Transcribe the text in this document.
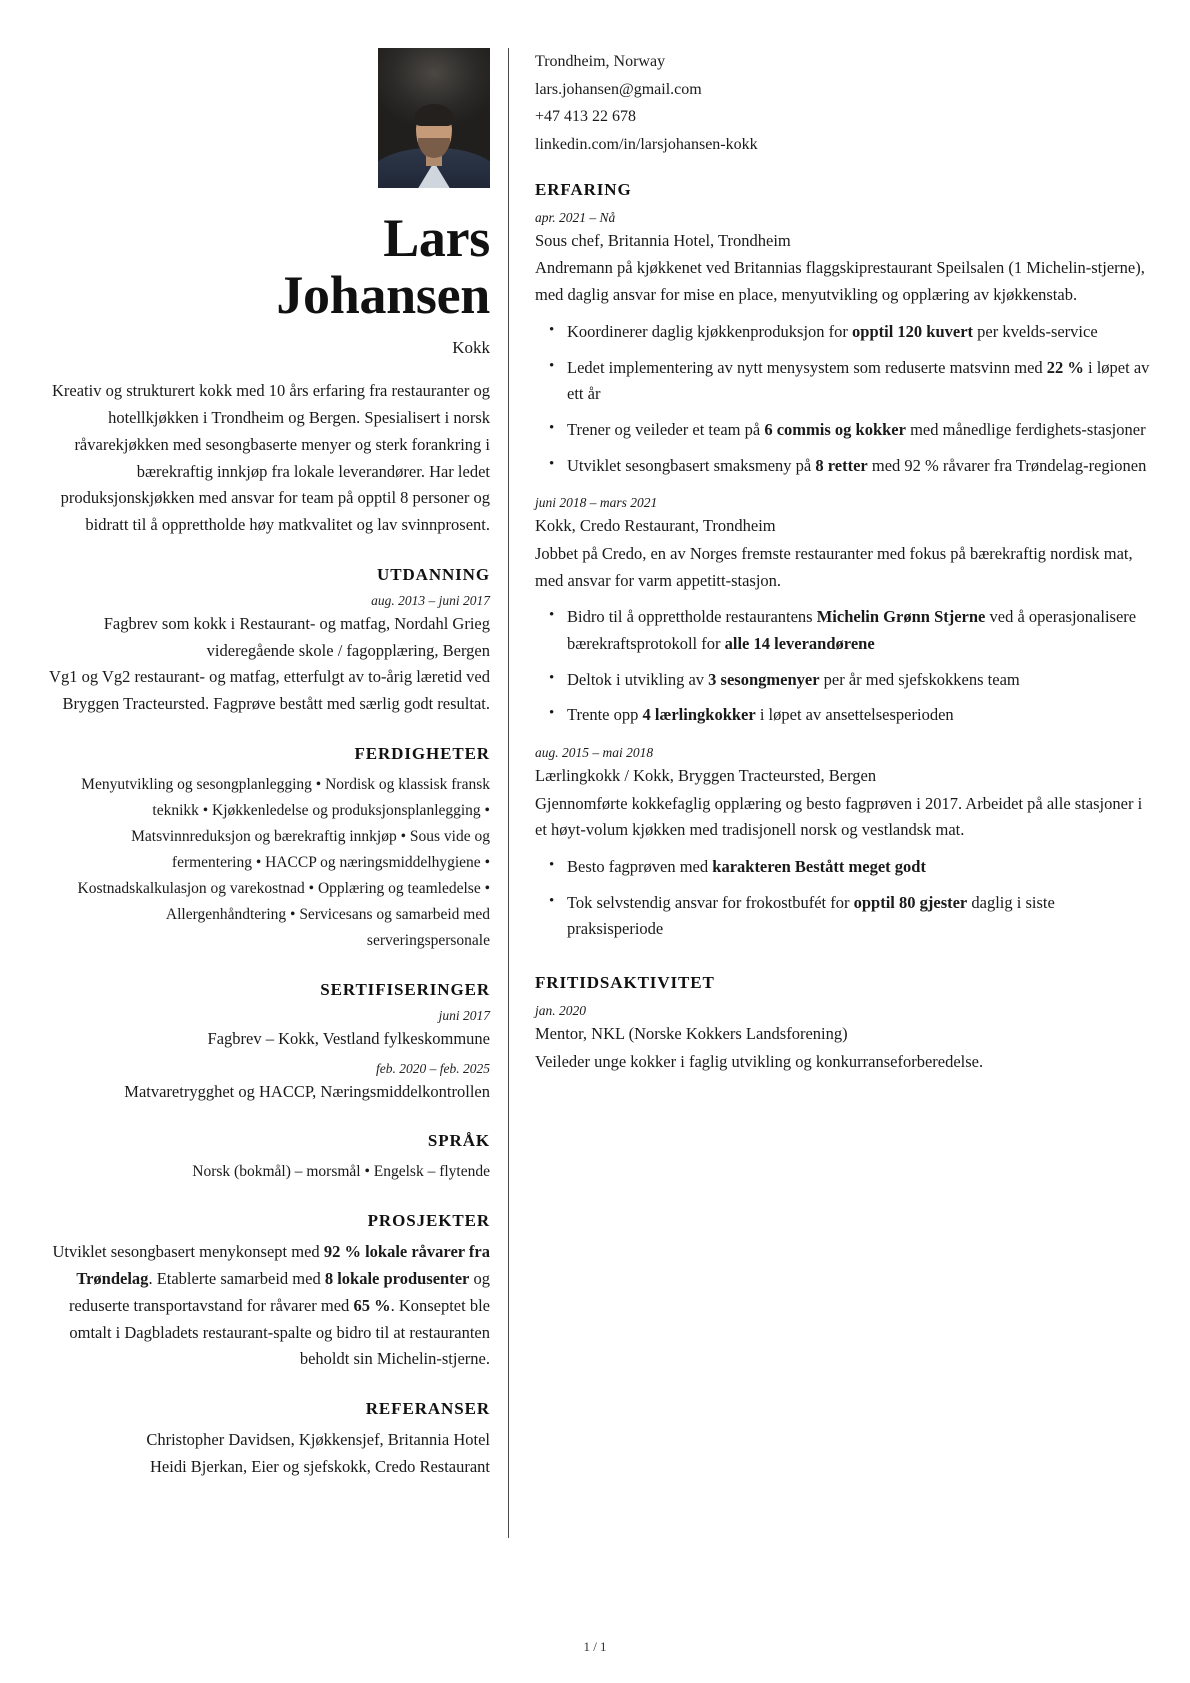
Lars
Johansen
Kokk
Kreativ og strukturert kokk med 10 års erfaring fra restauranter og hotellkjøkken i Trondheim og Bergen. Spesialisert i norsk råvarekjøkken med sesongbaserte menyer og sterk forankring i bærekraftig innkjøp fra lokale leverandører. Har ledet produksjonskjøkken med ansvar for team på opptil 8 personer og bidratt til å opprettholde høy matkvalitet og lav svinnprosent.
UTDANNING
aug. 2013 – juni 2017
Fagbrev som kokk i Restaurant- og matfag, Nordahl Grieg videregående skole / fagopplæring, Bergen
Vg1 og Vg2 restaurant- og matfag, etterfulgt av to-årig læretid ved Bryggen Tracteursted. Fagprøve bestått med særlig godt resultat.
FERDIGHETER
Menyutvikling og sesongplanlegging • Nordisk og klassisk fransk teknikk • Kjøkkenledelse og produksjonsplanlegging • Matsvinnreduksjon og bærekraftig innkjøp • Sous vide og fermentering • HACCP og næringsmiddelhygiene • Kostnadskalkulasjon og varekostnad • Opplæring og teamledelse • Allergenhåndtering • Servicesans og samarbeid med serveringspersonale
SERTIFISERINGER
juni 2017
Fagbrev – Kokk, Vestland fylkeskommune
feb. 2020 – feb. 2025
Matvaretrygghet og HACCP, Næringsmiddelkontrollen
SPRÅK
Norsk (bokmål) – morsmål • Engelsk – flytende
PROSJEKTER
Utviklet sesongbasert menykonsept med 92 % lokale råvarer fra Trøndelag. Etablerte samarbeid med 8 lokale produsenter og reduserte transportavstand for råvarer med 65 %. Konseptet ble omtalt i Dagbladets restaurant-spalte og bidro til at restauranten beholdt sin Michelin-stjerne.
REFERANSER
Christopher Davidsen, Kjøkkensjef, Britannia Hotel
Heidi Bjerkan, Eier og sjefskokk, Credo Restaurant
Trondheim, Norway
lars.johansen@gmail.com
+47 413 22 678
linkedin.com/in/larsjohansen-kokk
ERFARING
apr. 2021 – Nå
Sous chef, Britannia Hotel, Trondheim
Andremann på kjøkkenet ved Britannias flaggskiprestaurant Speilsalen (1 Michelin-stjerne), med daglig ansvar for mise en place, menyutvikling og opplæring av kjøkkenstab.
• Koordinerer daglig kjøkkenproduksjon for opptil 120 kuvert per kvelds-service
• Ledet implementering av nytt menysystem som reduserte matsvinn med 22 % i løpet av ett år
• Trener og veileder et team på 6 commis og kokker med månedlige ferdighets-stasjoner
• Utviklet sesongbasert smaksmeny på 8 retter med 92 % råvarer fra Trøndelag-regionen
juni 2018 – mars 2021
Kokk, Credo Restaurant, Trondheim
Jobbet på Credo, en av Norges fremste restauranter med fokus på bærekraftig nordisk mat, med ansvar for varm appetitt-stasjon.
• Bidro til å opprettholde restaurantens Michelin Grønn Stjerne ved å operasjonalisere bærekraftsprotokoll for alle 14 leverandørene
• Deltok i utvikling av 3 sesongmenyer per år med sjefskokkens team
• Trente opp 4 lærlingkokker i løpet av ansettelsesperioden
aug. 2015 – mai 2018
Lærlingkokk / Kokk, Bryggen Tracteursted, Bergen
Gjennomførte kokkefaglig opplæring og besto fagprøven i 2017. Arbeidet på alle stasjoner i et høyt-volum kjøkken med tradisjonell norsk og vestlandsk mat.
• Besto fagprøven med karakteren Bestått meget godt
• Tok selvstendig ansvar for frokostbufét for opptil 80 gjester daglig i siste praksisperiode
FRITIDSAKTIVITET
jan. 2020
Mentor, NKL (Norske Kokkers Landsforening)
Veileder unge kokker i faglig utvikling og konkurranseforberedelse.
1 / 1
